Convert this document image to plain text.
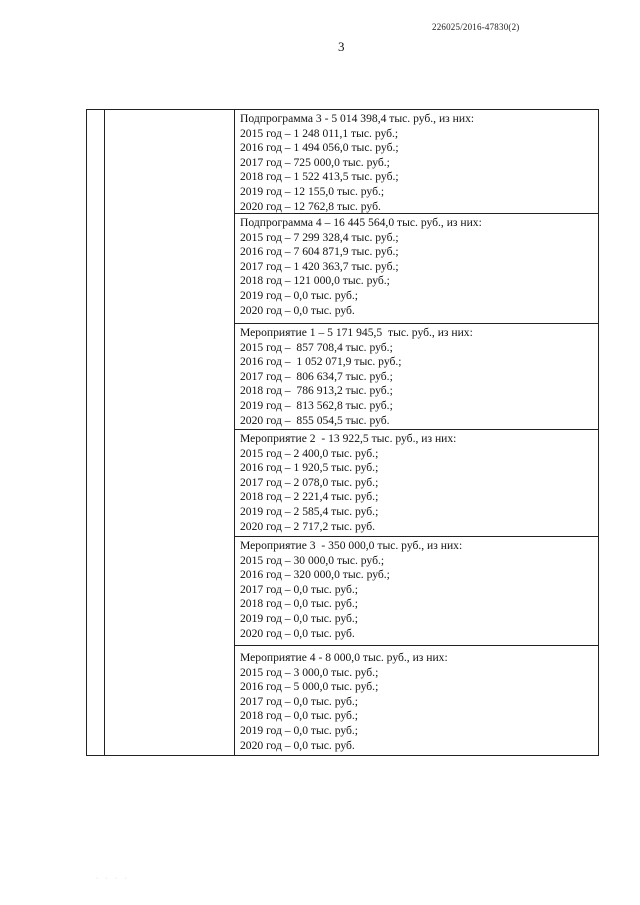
226025/2016-47830(2)
3

Подпрограмма 3 - 5 014 398,4 тыс. руб., из них:
2015 год – 1 248 011,1 тыс. руб.;
2016 год – 1 494 056,0 тыс. руб.;
2017 год – 725 000,0 тыс. руб.;
2018 год – 1 522 413,5 тыс. руб.;
2019 год – 12 155,0 тыс. руб.;
2020 год – 12 762,8 тыс. руб.
Подпрограмма 4 – 16 445 564,0 тыс. руб., из них:
2015 год – 7 299 328,4 тыс. руб.;
2016 год – 7 604 871,9 тыс. руб.;
2017 год – 1 420 363,7 тыс. руб.;
2018 год – 121 000,0 тыс. руб.;
2019 год – 0,0 тыс. руб.;
2020 год – 0,0 тыс. руб.
Мероприятие 1 – 5 171 945,5  тыс. руб., из них:
2015 год –  857 708,4 тыс. руб.;
2016 год –  1 052 071,9 тыс. руб.;
2017 год –  806 634,7 тыс. руб.;
2018 год –  786 913,2 тыс. руб.;
2019 год –  813 562,8 тыс. руб.;
2020 год –  855 054,5 тыс. руб.
Мероприятие 2  - 13 922,5 тыс. руб., из них:
2015 год – 2 400,0 тыс. руб.;
2016 год – 1 920,5 тыс. руб.;
2017 год – 2 078,0 тыс. руб.;
2018 год – 2 221,4 тыс. руб.;
2019 год – 2 585,4 тыс. руб.;
2020 год – 2 717,2 тыс. руб.
Мероприятие 3  - 350 000,0 тыс. руб., из них:
2015 год – 30 000,0 тыс. руб.;
2016 год – 320 000,0 тыс. руб.;
2017 год – 0,0 тыс. руб.;
2018 год – 0,0 тыс. руб.;
2019 год – 0,0 тыс. руб.;
2020 год – 0,0 тыс. руб.
Мероприятие 4 - 8 000,0 тыс. руб., из них:
2015 год – 3 000,0 тыс. руб.;
2016 год – 5 000,0 тыс. руб.;
2017 год – 0,0 тыс. руб.;
2018 год – 0,0 тыс. руб.;
2019 год – 0,0 тыс. руб.;
2020 год – 0,0 тыс. руб.
· · · ·
